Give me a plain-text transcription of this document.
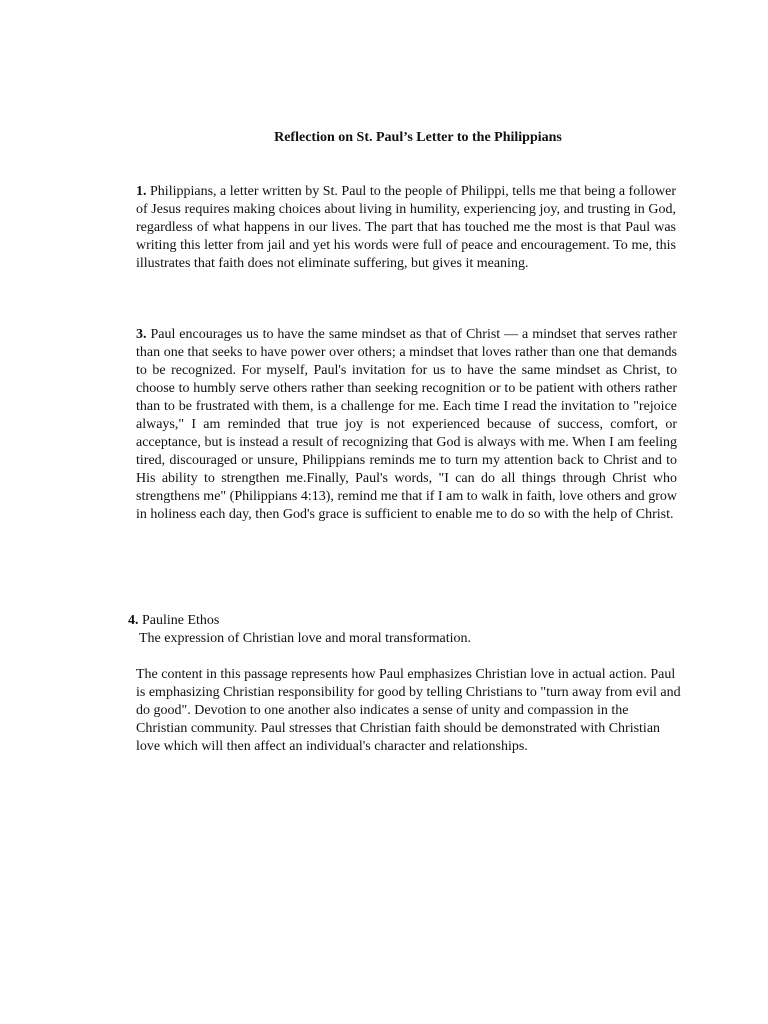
Reflection on St. Paul’s Letter to the Philippians

1. Philippians, a letter written by St. Paul to the people of Philippi, tells me that being a follower of Jesus requires making choices about living in humility, experiencing joy, and trusting in God, regardless of what happens in our lives. The part that has touched me the most is that Paul was writing this letter from jail and yet his words were full of peace and encouragement. To me, this illustrates that faith does not eliminate suffering, but gives it meaning.

3. Paul encourages us to have the same mindset as that of Christ — a mindset that serves rather than one that seeks to have power over others; a mindset that loves rather than one that demands to be recognized. For myself, Paul's invitation for us to have the same mindset as Christ, to choose to humbly serve others rather than seeking recognition or to be patient with others rather than to be frustrated with them, is a challenge for me. Each time I read the invitation to "rejoice always," I am reminded that true joy is not experienced because of success, comfort, or acceptance, but is instead a result of recognizing that God is always with me. When I am feeling tired, discouraged or unsure, Philippians reminds me to turn my attention back to Christ and to His ability to strengthen me.Finally, Paul's words, "I can do all things through Christ who strengthens me" (Philippians 4:13), remind me that if I am to walk in faith, love others and grow in holiness each day, then God's grace is sufficient to enable me to do so with the help of Christ.

4. Pauline Ethos

The expression of Christian love and moral transformation.

The content in this passage represents how Paul emphasizes Christian love in actual action. Paul is emphasizing Christian responsibility for good by telling Christians to "turn away from evil and do good". Devotion to one another also indicates a sense of unity and compassion in the Christian community. Paul stresses that Christian faith should be demonstrated with Christian love which will then affect an individual's character and relationships.
